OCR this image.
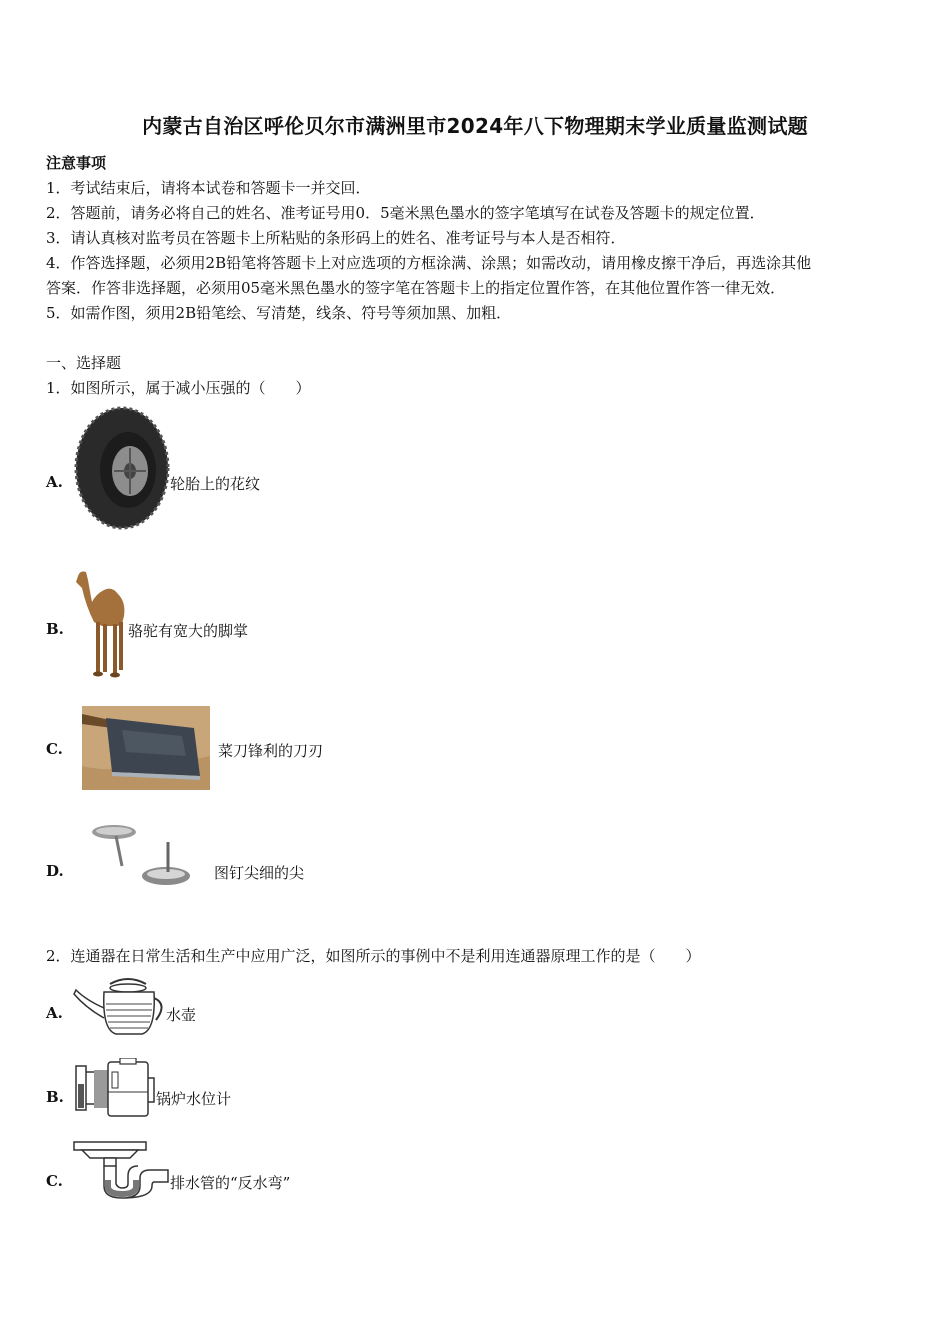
内蒙古自治区呼伦贝尔市满洲里市2024年八下物理期末学业质量监测试题
注意事项
1．考试结束后，请将本试卷和答题卡一并交回．
2．答题前，请务必将自己的姓名、准考证号用0．5毫米黑色墨水的签字笔填写在试卷及答题卡的规定位置．
3．请认真核对监考员在答题卡上所粘贴的条形码上的姓名、准考证号与本人是否相符．
4．作答选择题，必须用2B铅笔将答题卡上对应选项的方框涂满、涂黑；如需改动，请用橡皮擦干净后，再选涂其他
答案．作答非选择题，必须用05毫米黑色墨水的签字笔在答题卡上的指定位置作答，在其他位置作答一律无效．
5．如需作图，须用2B铅笔绘、写清楚，线条、符号等须加黑、加粗．
一、选择题
1．如图所示，属于减小压强的（　　）
A.	轮胎上的花纹
B.	骆驼有宽大的脚掌
C.	菜刀锋利的刀刃
D.	图钉尖细的尖
2．连通器在日常生活和生产中应用广泛，如图所示的事例中不是利用连通器原理工作的是（　　）
A.	水壶
B.	锅炉水位计
C.	排水管的“反水弯”
